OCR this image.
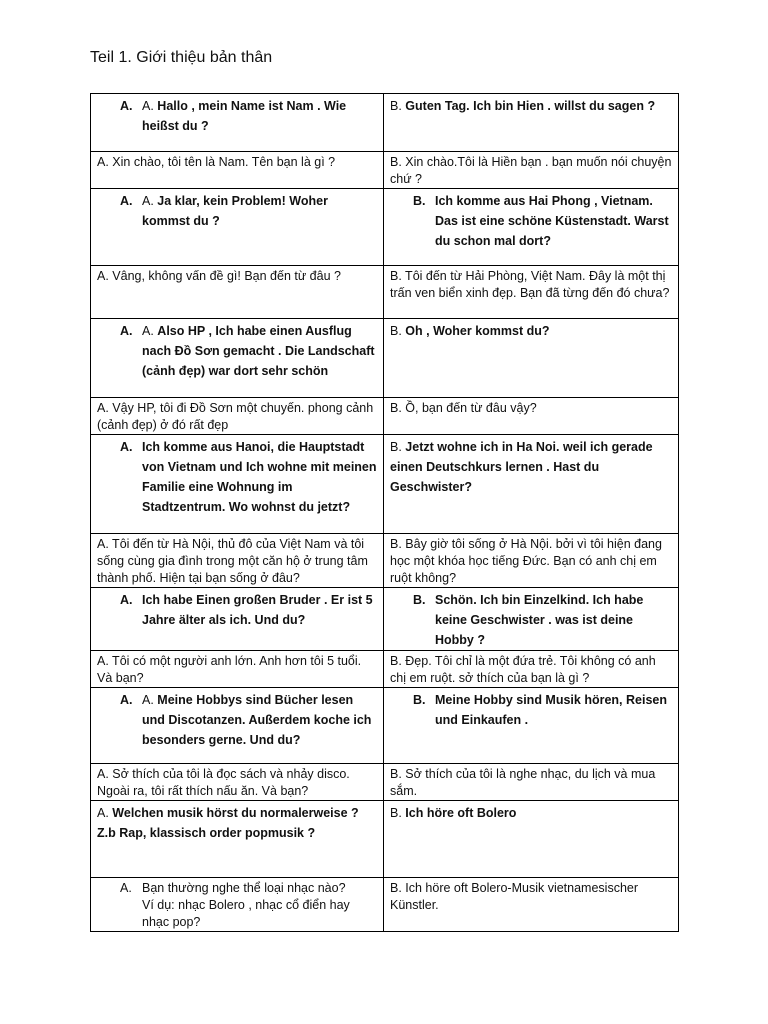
Teil 1. Giới thiệu bản thân
A. A. Hallo , mein Name ist Nam . Wie heißst du ?	B. Guten Tag. Ich bin Hien . willst du sagen ?

A. Xin chào, tôi tên là Nam. Tên bạn là gì ?	B. Xin chào.Tôi là Hiền bạn . bạn muốn nói chuyện chứ ?

A. A. Ja klar, kein Problem! Woher kommst du ?	B. Ich komme aus Hai Phong , Vietnam. Das ist eine schöne Küstenstadt. Warst du schon mal dort?

A. Vâng, không vấn đề gì! Bạn đến từ đâu ?	B. Tôi đến từ Hải Phòng, Việt Nam. Đây là một thị trấn ven biển xinh đẹp. Bạn đã từng đến đó chưa?

A. A. Also HP , Ich habe einen Ausflug nach Đồ Sơn gemacht . Die Landschaft (cảnh đẹp) war dort sehr schön	B. Oh , Woher kommst du?

A. Vậy HP, tôi đi Đồ Sơn một chuyến. phong cảnh (cảnh đẹp) ở đó rất đẹp	B. Ồ, bạn đến từ đâu vậy?

A. Ich komme aus Hanoi, die Hauptstadt von Vietnam und Ich wohne mit meinen Familie eine Wohnung im Stadtzentrum. Wo wohnst du jetzt?	B. Jetzt wohne ich in Ha Noi. weil ich gerade einen Deutschkurs lernen . Hast du Geschwister?

A. Tôi đến từ Hà Nội, thủ đô của Việt Nam và tôi sống cùng gia đình trong một căn hộ ở trung tâm thành phố. Hiện tại bạn sống ở đâu?	B. Bây giờ tôi sống ở Hà Nội. bởi vì tôi hiện đang học một khóa học tiếng Đức. Bạn có anh chị em ruột không?

A. Ich habe Einen großen Bruder . Er ist 5 Jahre älter als ich. Und du?	B. Schön. Ich bin Einzelkind. Ich habe keine Geschwister . was ist deine Hobby ?

A. Tôi có một người anh lớn. Anh hơn tôi 5 tuổi. Và bạn?	B. Đẹp. Tôi chỉ là một đứa trẻ. Tôi không có anh chị em ruột. sở thích của bạn là gì ?

A. A. Meine Hobbys sind Bücher lesen und Discotanzen. Außerdem koche ich besonders gerne. Und du?	B. Meine Hobby sind Musik hören, Reisen und Einkaufen .

A. Sở thích của tôi là đọc sách và nhảy disco. Ngoài ra, tôi rất thích nấu ăn. Và bạn?	B. Sở thích của tôi là nghe nhạc, du lịch và mua sắm.

A. Welchen musik hörst du normalerweise ?
Z.b Rap, klassisch order popmusik ?	B. Ich höre oft Bolero

A. Bạn thường nghe thể loại nhạc nào?
Ví dụ: nhạc Bolero , nhạc cổ điển hay nhạc pop?	B. Ich höre oft Bolero-Musik vietnamesischer Künstler.
